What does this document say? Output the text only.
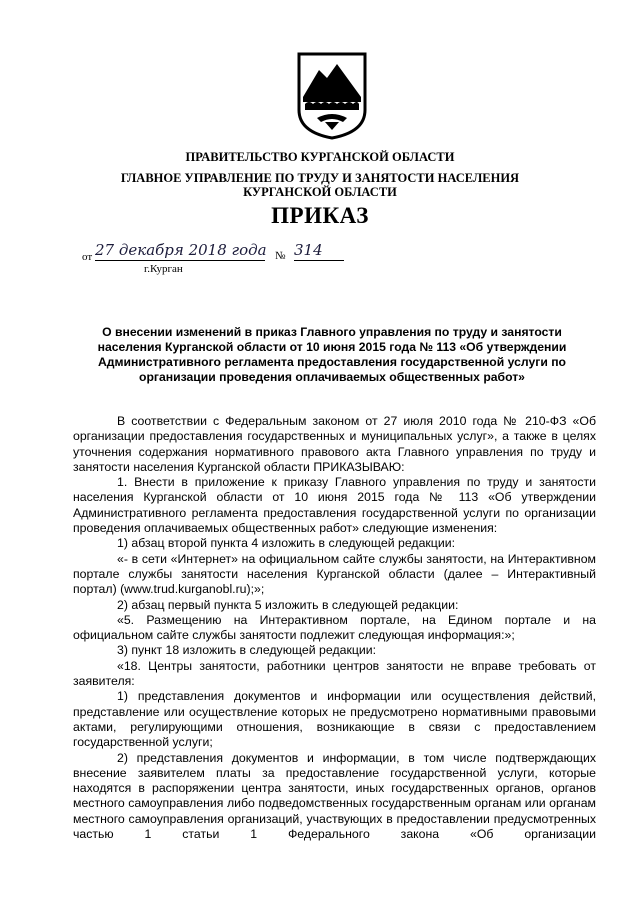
ПРАВИТЕЛЬСТВО КУРГАНСКОЙ ОБЛАСТИ
ГЛАВНОЕ УПРАВЛЕНИЕ ПО ТРУДУ И ЗАНЯТОСТИ НАСЕЛЕНИЯ
КУРГАНСКОЙ ОБЛАСТИ
ПРИКАЗ
от 27 декабря 2018 года № 314
г.Курган
О внесении изменений в приказ Главного управления по труду и занятости населения Курганской области от 10 июня 2015 года № 113 «Об утверждении Административного регламента предоставления государственной услуги по организации проведения оплачиваемых общественных работ»

В соответствии с Федеральным законом от 27 июля 2010 года № 210-ФЗ «Об организации предоставления государственных и муниципальных услуг», а также в целях уточнения содержания нормативного правового акта Главного управления по труду и занятости населения Курганской области ПРИКАЗЫВАЮ:

1. Внести в приложение к приказу Главного управления по труду и занятости населения Курганской области от 10 июня 2015 года № 113 «Об утверждении Административного регламента предоставления государственной услуги по организации проведения оплачиваемых общественных работ» следующие изменения:

1) абзац второй пункта 4 изложить в следующей редакции:

«- в сети «Интернет» на официальном сайте службы занятости, на Интерактивном портале службы занятости населения Курганской области (далее – Интерактивный портал) (www.trud.kurganobl.ru);»;

2) абзац первый пункта 5 изложить в следующей редакции:

«5. Размещению на Интерактивном портале, на Едином портале и на официальном сайте службы занятости подлежит следующая информация:»;

3) пункт 18 изложить в следующей редакции:

«18. Центры занятости, работники центров занятости не вправе требовать от заявителя:

1) представления документов и информации или осуществления действий, представление или осуществление которых не предусмотрено нормативными правовыми актами, регулирующими отношения, возникающие в связи с предоставлением государственной услуги;

2) представления документов и информации, в том числе подтверждающих внесение заявителем платы за предоставление государственной услуги, которые находятся в распоряжении центра занятости, иных государственных органов, органов местного самоуправления либо подведомственных государственным органам или органам местного самоуправления организаций, участвующих в предоставлении предусмотренных частью 1 статьи 1 Федерального закона «Об организации
